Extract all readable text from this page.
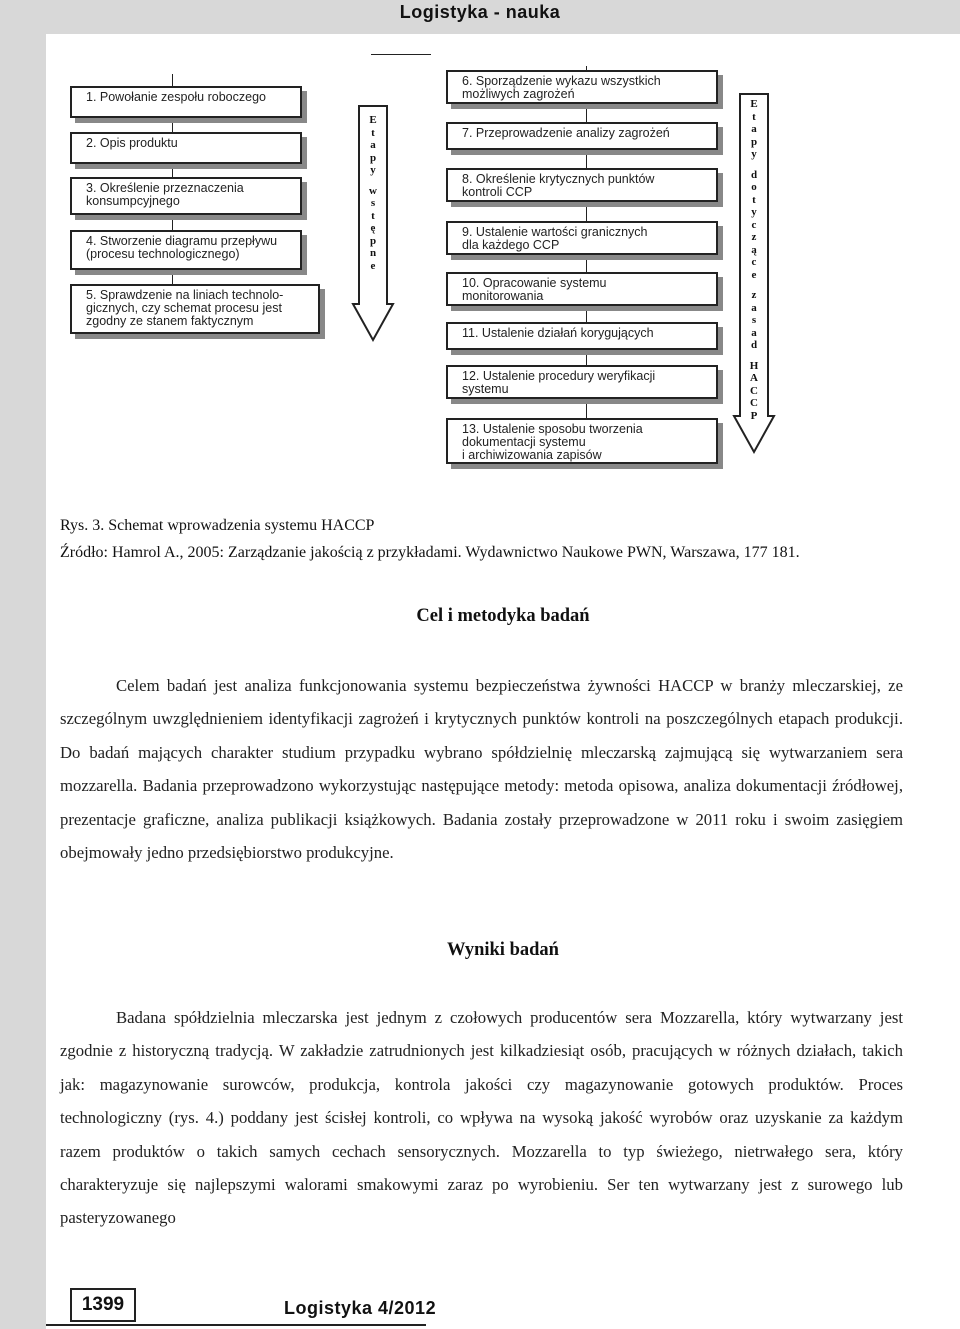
Logistyka - nauka
1. Powołanie zespołu roboczego
2. Opis produktu
3. Określenie przeznaczenia
konsumpcyjnego
4. Stworzenie diagramu przepływu
(procesu technologicznego)
5. Sprawdzenie na liniach technolo-
gicznych, czy schemat procesu jest
zgodny ze stanem faktycznym
E
t
a
p
y

w
s
t
ę
p
n
e
6. Sporządzenie wykazu wszystkich
możliwych zagrożeń
7. Przeprowadzenie analizy zagrożeń
8. Określenie krytycznych punktów
kontroli CCP
9. Ustalenie wartości granicznych
dla każdego CCP
10. Opracowanie systemu
monitorowania
11. Ustalenie działań korygujących
12. Ustalenie procedury weryfikacji
systemu
13. Ustalenie sposobu tworzenia
dokumentacji systemu
i archiwizowania zapisów
E
t
a
p
y

d
o
t
y
c
z
ą
c
e

z
a
s
a
d

H
A
C
C
P
Rys. 3. Schemat wprowadzenia systemu HACCP
Źródło: Hamrol A., 2005: Zarządzanie jakością z przykładami. Wydawnictwo Naukowe PWN, Warszawa, 177 181.
Cel i metodyka badań
Celem badań jest analiza funkcjonowania systemu bezpieczeństwa żywności HACCP w branży mleczarskiej, ze szczególnym uwzględnieniem identyfikacji zagrożeń i krytycznych punktów kontroli na poszczególnych etapach produkcji. Do badań mających charakter studium przypadku wybrano spółdzielnię mleczarską zajmującą się wytwarzaniem sera mozzarella. Badania przeprowadzono wykorzystując następujące metody: metoda opisowa, analiza dokumentacji źródłowej, prezentacje graficzne, analiza publikacji książkowych. Badania zostały przeprowadzone w 2011 roku i swoim zasięgiem obejmowały jedno przedsiębiorstwo produkcyjne.
Wyniki badań
Badana spółdzielnia mleczarska jest jednym z czołowych producentów sera Mozzarella, który wytwarzany jest zgodnie z historyczną tradycją. W zakładzie zatrudnionych jest kilkadziesiąt osób, pracujących w różnych działach, takich jak: magazynowanie surowców, produkcja, kontrola jakości czy magazynowanie gotowych produktów. Proces technologiczny (rys. 4.) poddany jest ścisłej kontroli, co wpływa na wysoką jakość wyrobów oraz uzyskanie za każdym razem produktów o takich samych cechach sensorycznych. Mozzarella to typ świeżego, nietrwałego sera, który charakteryzuje się najlepszymi walorami smakowymi zaraz po wyrobieniu. Ser ten wytwarzany jest z surowego lub pasteryzowanego
1399	Logistyka 4/2012
